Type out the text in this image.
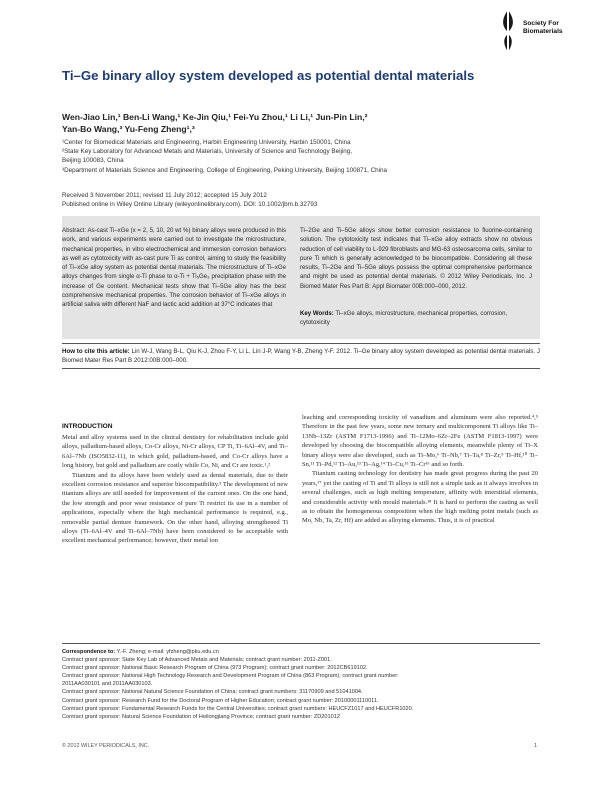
Society For Biomaterials
Ti–Ge binary alloy system developed as potential dental materials
Wen-Jiao Lin,¹ Ben-Li Wang,¹ Ke-Jin Qiu,¹ Fei-Yu Zhou,¹ Li Li,¹ Jun-Pin Lin,²
Yan-Bo Wang,³ Yu-Feng Zheng¹,³
¹Center for Biomedical Materials and Engineering, Harbin Engineering University, Harbin 150001, China
²State Key Laboratory for Advanced Metals and Materials, University of Science and Technology Beijing,
Beijing 100083, China
³Department of Materials Science and Engineering, College of Engineering, Peking University, Beijing 100871, China
Received 3 November 2011; revised 11 July 2012; accepted 15 July 2012
Published online in Wiley Online Library (wileyonlinelibrary.com). DOI: 10.1002/jbm.b.32793
Abstract: As-cast Ti–xGe (x = 2, 5, 10, 20 wt %) binary alloys were produced in this work, and various experiments were carried out to investigate the microstructure, mechanical properties, in vitro electrochemical and immersion corrosion behaviors as well as cytotoxicity with as-cast pure Ti as control, aiming to study the feasibility of Ti–xGe alloy system as potential dental materials. The microstructure of Ti–xGe alloys changes from single α-Ti phase to α-Ti + Ti₅Ge₃ precipitation phase with the increase of Ge content. Mechanical tests show that Ti–5Ge alloy has the best comprehensive mechanical properties. The corrosion behavior of Ti–xGe alloys in artificial saliva with different NaF and lactic acid addition at 37°C indicates that
Ti–2Ge and Ti–5Ge alloys show better corrosion resistance to fluorine-containing solution. The cytotoxicity test indicates that Ti–xGe alloy extracts show no obvious reduction of cell viability to L-929 fibroblasts and MG-63 osteosarcoma cells, similar to pure Ti which is generally acknowledged to be biocompatible. Considering all these results, Ti–2Ge and Ti–5Ge alloys possess the optimal comprehensive performance and might be used as potential dental materials. © 2012 Wiley Periodicals, Inc. J Biomed Mater Res Part B: Appl Biomater 00B:000–000, 2012.
Key Words: Ti–xGe alloys, microstructure, mechanical properties, corrosion, cytotoxicity
How to cite this article: Lin W-J, Wang B-L, Qiu K-J, Zhou F-Y, Li L, Lin J-P, Wang Y-B, Zheng Y-F. 2012. Ti–Ge binary alloy system developed as potential dental materials. J Biomed Mater Res Part B 2012:00B:000–000.
INTRODUCTION

Metal and alloy systems used in the clinical dentistry for rehabilitation include gold alloys, palladium-based alloys, Co-Cr alloys, Ni-Cr alloys, CP Ti, Ti–6Al–4V, and Ti–6Al–7Nb (ISO5832-11), in which gold, palladium-based, and Co-Cr alloys have a long history, but gold and palladium are costly while Co, Ni, and Cr are toxic.¹,²

Titanium and its alloys have been widely used as dental materials, due to their excellent corrosion resistance and superior biocompatibility.³ The development of new titanium alloys are still needed for improvement of the current ones. On the one hand, the low strength and poor wear resistance of pure Ti restrict its use in a number of applications, especially where the high mechanical performance is required, e.g., removable partial denture framework. On the other hand, alloying strengthened Ti alloys (Ti–6Al–4V and Ti–6Al–7Nb) have been considered to be acceptable with excellent mechanical performance; however, their metal ion

leaching and corresponding toxicity of vanadium and aluminum were also reported.⁴,⁵ Therefore in the past few years, some new ternary and multicomponent Ti alloys like Ti–13Nb–13Zr (ASTM F1713-1996) and Ti–12Mo–6Zr–2Fe (ASTM F1813-1997) were developed by choosing the biocompatible alloying elements, meanwhile plenty of Ti–X binary alloys were also developed, such as Ti–Mo,⁶ Ti–Nb,⁷ Ti–Ta,⁸ Ti–Zr,⁹ Ti–Hf,¹⁰ Ti–Sn,¹¹ Ti–Pd,¹² Ti–Au,¹³ Ti–Ag,¹⁴ Ti–Cu,¹⁵ Ti–Cr¹⁶ and so forth.

Titanium casting technology for dentistry has made great progress during the past 20 years,¹⁷ yet the casting of Ti and Ti alloys is still not a simple task as it always involves in several challenges, such as high melting temperature, affinity with interstitial elements, and considerable activity with mould materials.¹⁸ It is hard to perform the casting as well as to obtain the homogeneous composition when the high melting point metals (such as Mo, Nb, Ta, Zr, Hf) are added as alloying elements. Thus, it is of practical

Correspondence to: Y.-F. Zheng; e-mail: yfzheng@pku.edu.cn
Contract grant sponsor: State Key Lab of Advanced Metals and Materials; contract grant number: 2011-Z001.
Contract grant sponsor: National Basic Research Program of China (973 Program); contract grant number: 2012CB619102.
Contract grant sponsor: National High Technology Research and Development Program of China (863 Program); contract grant number:
2011AA030101 and 2011AA030103.
Contract grant sponsor: National Natural Science Foundation of China; contract grant numbers: 31170909 and 51041004.
Contract grant sponsor: Research Fund for the Doctoral Program of Higher Education; contract grant number: 20100001110011.
Contract grant sponsor: Fundamental Research Funds for the Central Universities; contract grant numbers: HEUCFZ1017 and HEUCFR1020.
Contract grant sponsor: Natural Science Foundation of Heilongjiang Province; contract grant number: ZD201012
© 2012 WILEY PERIODICALS, INC.	1
